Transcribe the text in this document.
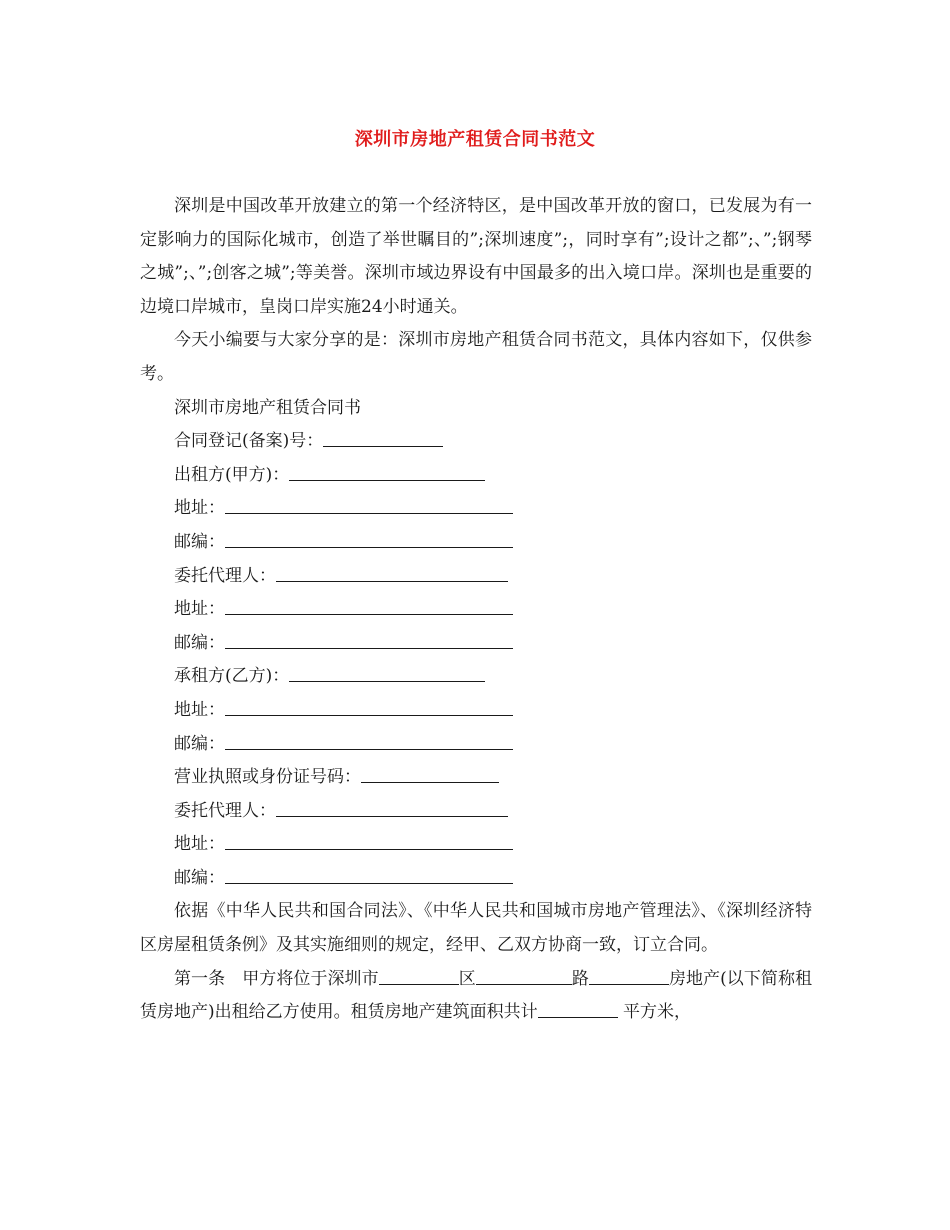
深圳市房地产租赁合同书范文

深圳是中国改革开放建立的第一个经济特区，是中国改革开放的窗口，已发展为有一定影响力的国际化城市，创造了举世瞩目的”;深圳速度”;，同时享有”;设计之都”;、”;钢琴之城”;、”;创客之城”;等美誉。深圳市域边界设有中国最多的出入境口岸。深圳也是重要的边境口岸城市，皇岗口岸实施24小时通关。

今天小编要与大家分享的是：深圳市房地产租赁合同书范文，具体内容如下，仅供参考。

深圳市房地产租赁合同书

合同登记(备案)号：

出租方(甲方)：

地址：

邮编：

委托代理人：

地址：

邮编：

承租方(乙方)：

地址：

邮编：

营业执照或身份证号码：

委托代理人：

地址：

邮编：

依据《中华人民共和国合同法》、《中华人民共和国城市房地产管理法》、《深圳经济特区房屋租赁条例》及其实施细则的规定，经甲、乙双方协商一致，订立合同。

第一条　 甲方将位于深圳市	区	路	房地产(以下简称租赁房地产)出租给乙方使用。租赁房地产建筑面积共计	平方米，
